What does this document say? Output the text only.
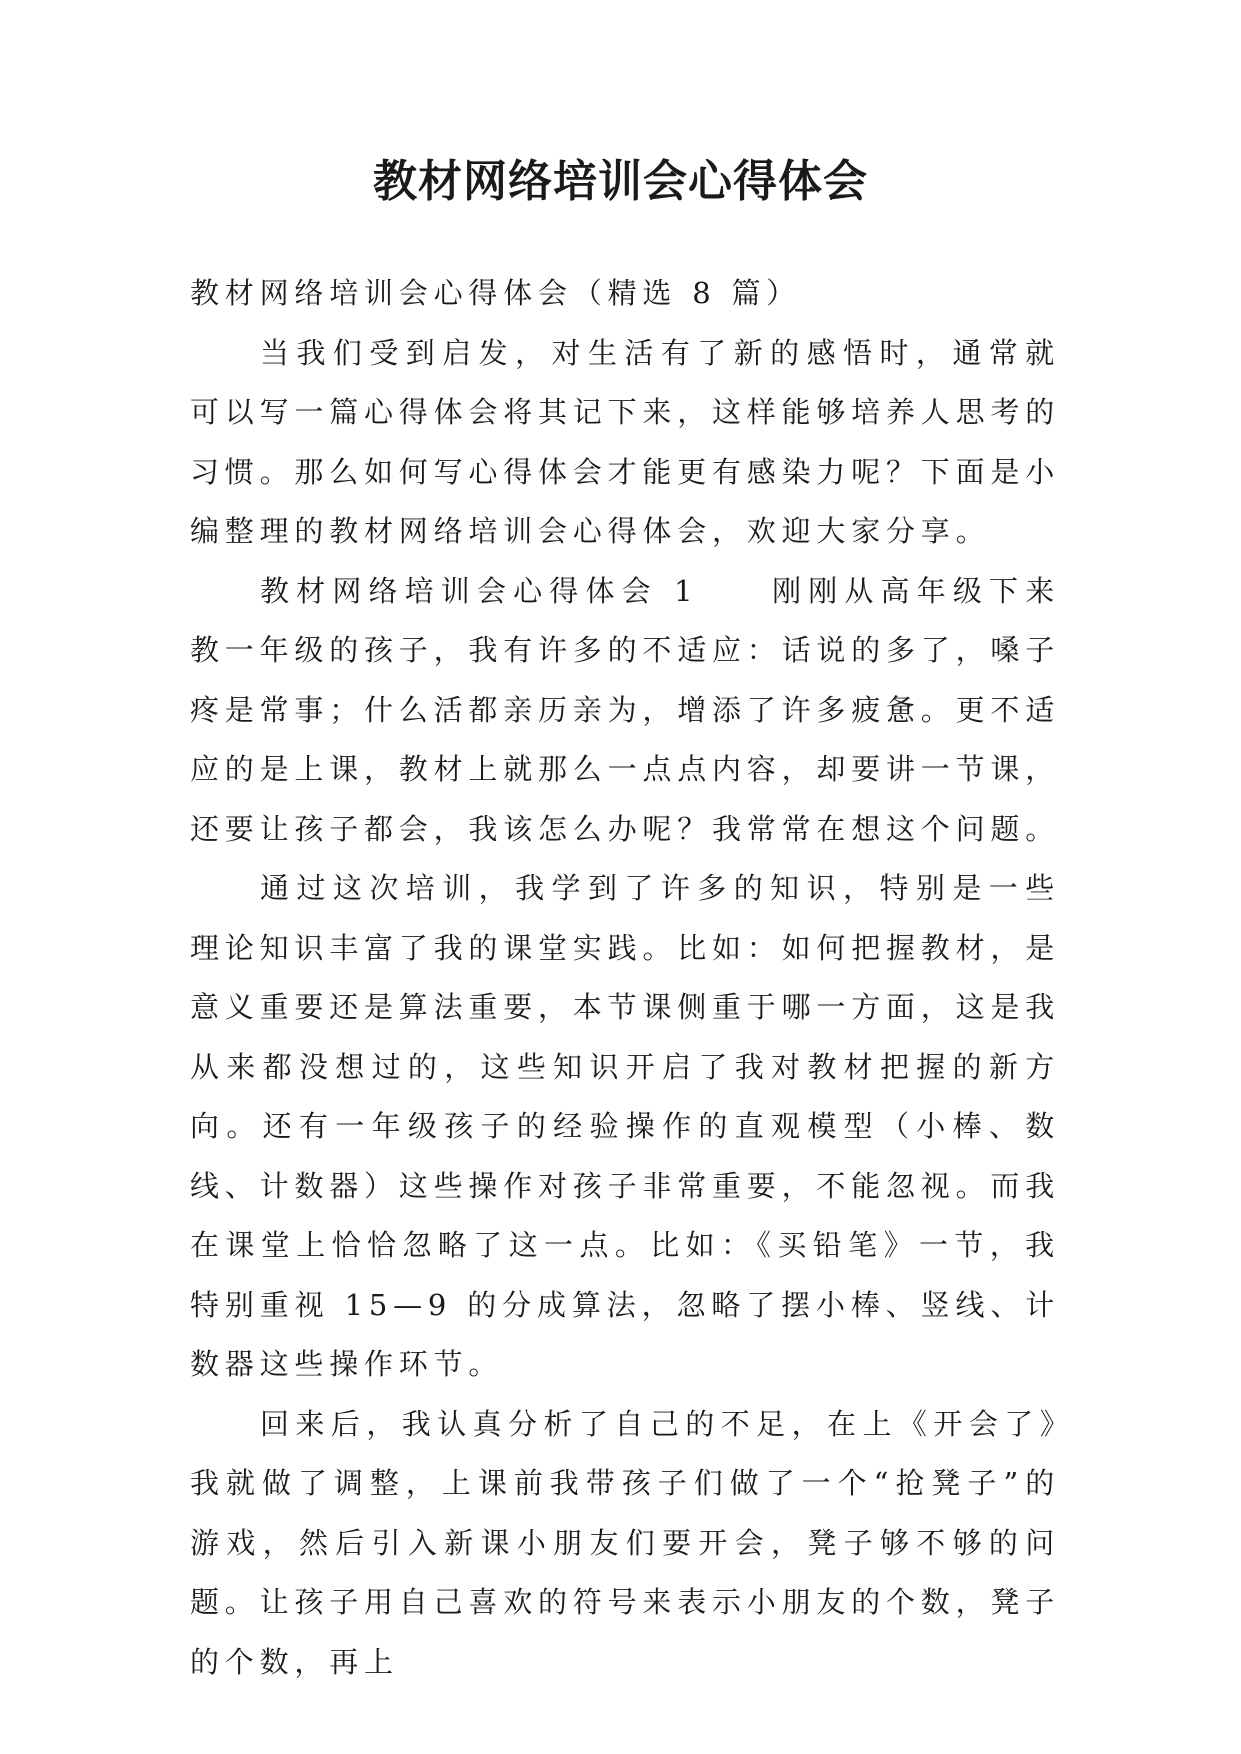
教材网络培训会心得体会

教材网络培训会心得体会（精选 8 篇）

当我们受到启发，对生活有了新的感悟时，通常就可以写一篇心得体会将其记下来，这样能够培养人思考的习惯。那么如何写心得体会才能更有感染力呢？下面是小编整理的教材网络培训会心得体会，欢迎大家分享。

教材网络培训会心得体会 1　　刚刚从高年级下来教一年级的孩子，我有许多的不适应：话说的多了，嗓子疼是常事；什么活都亲历亲为，增添了许多疲惫。更不适应的是上课，教材上就那么一点点内容，却要讲一节课，还要让孩子都会，我该怎么办呢？我常常在想这个问题。

通过这次培训，我学到了许多的知识，特别是一些理论知识丰富了我的课堂实践。比如：如何把握教材，是意义重要还是算法重要，本节课侧重于哪一方面，这是我从来都没想过的，这些知识开启了我对教材把握的新方向。还有一年级孩子的经验操作的直观模型（小棒、数线、计数器）这些操作对孩子非常重要，不能忽视。而我在课堂上恰恰忽略了这一点。比如：《买铅笔》一节，我特别重视 15—9 的分成算法，忽略了摆小棒、竖线、计数器这些操作环节。

回来后，我认真分析了自己的不足，在上《开会了》我就做了调整，上课前我带孩子们做了一个“抢凳子”的游戏，然后引入新课小朋友们要开会，凳子够不够的问题。让孩子用自己喜欢的符号来表示小朋友的个数，凳子的个数，再上
